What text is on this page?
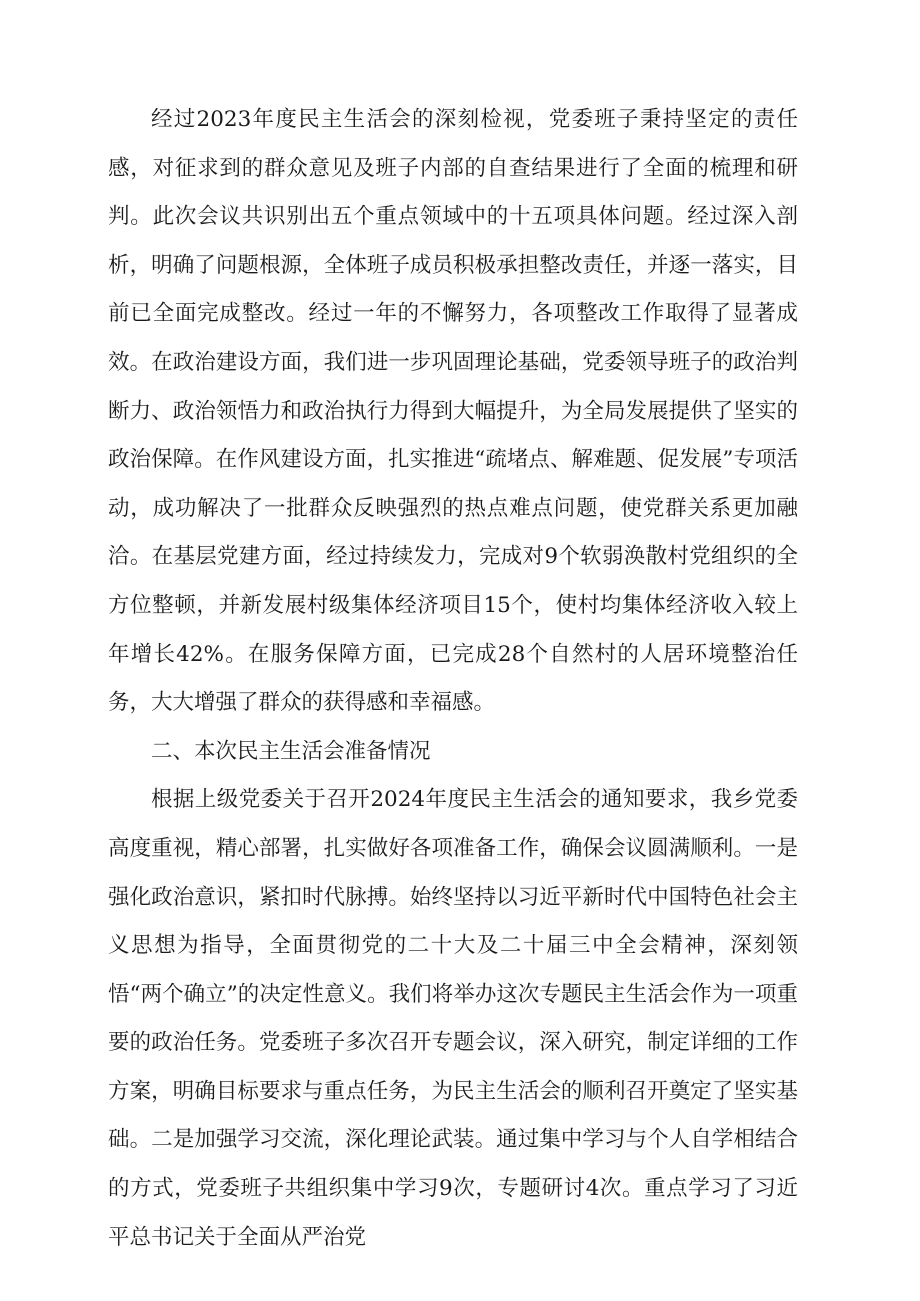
经过2023年度民主生活会的深刻检视，党委班子秉持坚定的责任感，对征求到的群众意见及班子内部的自查结果进行了全面的梳理和研判。此次会议共识别出五个重点领域中的十五项具体问题。经过深入剖析，明确了问题根源，全体班子成员积极承担整改责任，并逐一落实，目前已全面完成整改。经过一年的不懈努力，各项整改工作取得了显著成效。在政治建设方面，我们进一步巩固理论基础，党委领导班子的政治判断力、政治领悟力和政治执行力得到大幅提升，为全局发展提供了坚实的政治保障。在作风建设方面，扎实推进“疏堵点、解难题、促发展”专项活动，成功解决了一批群众反映强烈的热点难点问题，使党群关系更加融洽。在基层党建方面，经过持续发力，完成对9个软弱涣散村党组织的全方位整顿，并新发展村级集体经济项目15个，使村均集体经济收入较上年增长42%。在服务保障方面，已完成28个自然村的人居环境整治任务，大大增强了群众的获得感和幸福感。

二、本次民主生活会准备情况

根据上级党委关于召开2024年度民主生活会的通知要求，我乡党委高度重视，精心部署，扎实做好各项准备工作，确保会议圆满顺利。一是强化政治意识，紧扣时代脉搏。始终坚持以习近平新时代中国特色社会主义思想为指导，全面贯彻党的二十大及二十届三中全会精神，深刻领悟“两个确立”的决定性意义。我们将举办这次专题民主生活会作为一项重要的政治任务。党委班子多次召开专题会议，深入研究，制定详细的工作方案，明确目标要求与重点任务，为民主生活会的顺利召开奠定了坚实基础。二是加强学习交流，深化理论武装。通过集中学习与个人自学相结合的方式，党委班子共组织集中学习9次，专题研讨4次。重点学习了习近平总书记关于全面从严治党
